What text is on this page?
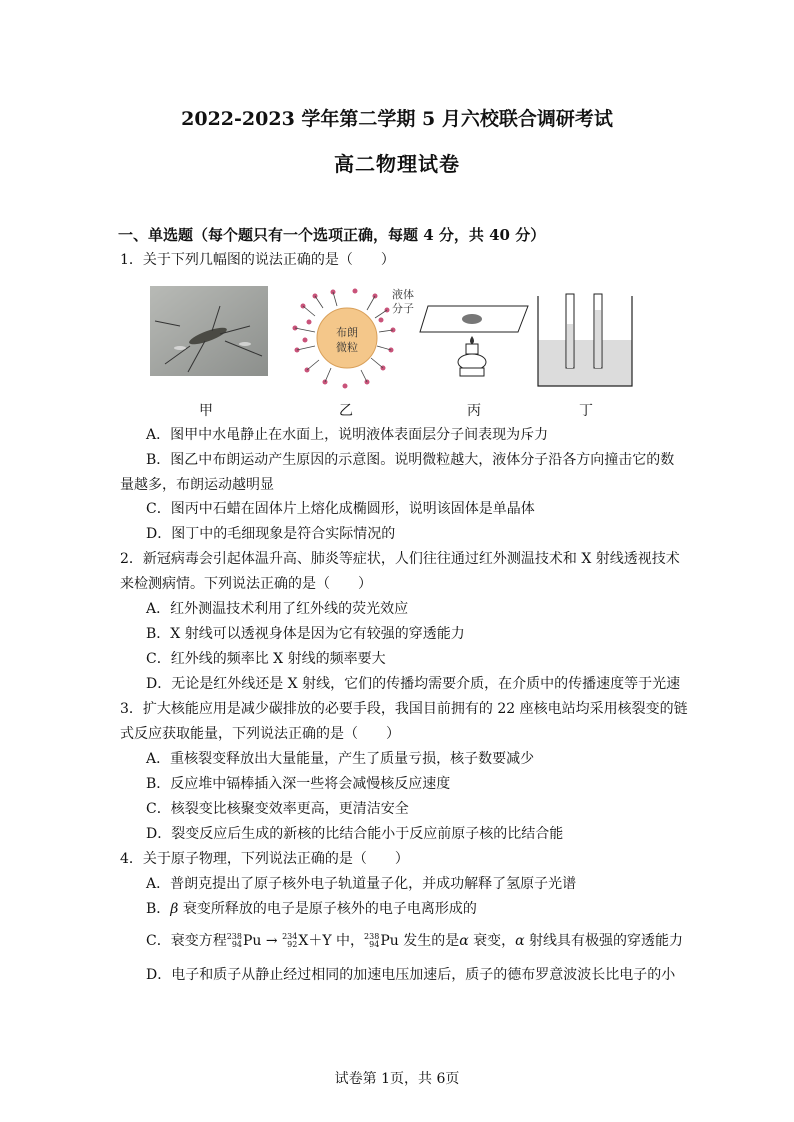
2022-2023 学年第二学期 5 月六校联合调研考试
高二物理试卷
一、单选题（每个题只有一个选项正确，每题 4 分，共 40 分）
1．关于下列几幅图的说法正确的是（　　）
布朗
微粒
液体
分子
甲	乙	丙	丁
A．图甲中水黾静止在水面上，说明液体表面层分子间表现为斥力
B．图乙中布朗运动产生原因的示意图。说明微粒越大，液体分子沿各方向撞击它的数
量越多，布朗运动越明显
C．图丙中石蜡在固体片上熔化成椭圆形，说明该固体是单晶体
D．图丁中的毛细现象是符合实际情况的
2．新冠病毒会引起体温升高、肺炎等症状，人们往往通过红外测温技术和 X 射线透视技术
来检测病情。下列说法正确的是（　　）
A．红外测温技术利用了红外线的荧光效应
B．X 射线可以透视身体是因为它有较强的穿透能力
C．红外线的频率比 X 射线的频率要大
D．无论是红外线还是 X 射线，它们的传播均需要介质，在介质中的传播速度等于光速
3．扩大核能应用是减少碳排放的必要手段，我国目前拥有的 22 座核电站均采用核裂变的链
式反应获取能量，下列说法正确的是（　　）
A．重核裂变释放出大量能量，产生了质量亏损，核子数要减少
B．反应堆中镉棒插入深一些将会减慢核反应速度
C．核裂变比核聚变效率更高，更清洁安全
D．裂变反应后生成的新核的比结合能小于反应前原子核的比结合能
4．关于原子物理，下列说法正确的是（　　）
A．普朗克提出了原子核外电子轨道量子化，并成功解释了氢原子光谱
B．β 衰变所释放的电子是原子核外的电子电离形成的
C．衰变方程238
94Pu → 234
92X＋Y 中，238
94Pu 发生的是α 衰变，α 射线具有极强的穿透能力
D．电子和质子从静止经过相同的加速电压加速后，质子的德布罗意波波长比电子的小
试卷第 1页，共 6页
